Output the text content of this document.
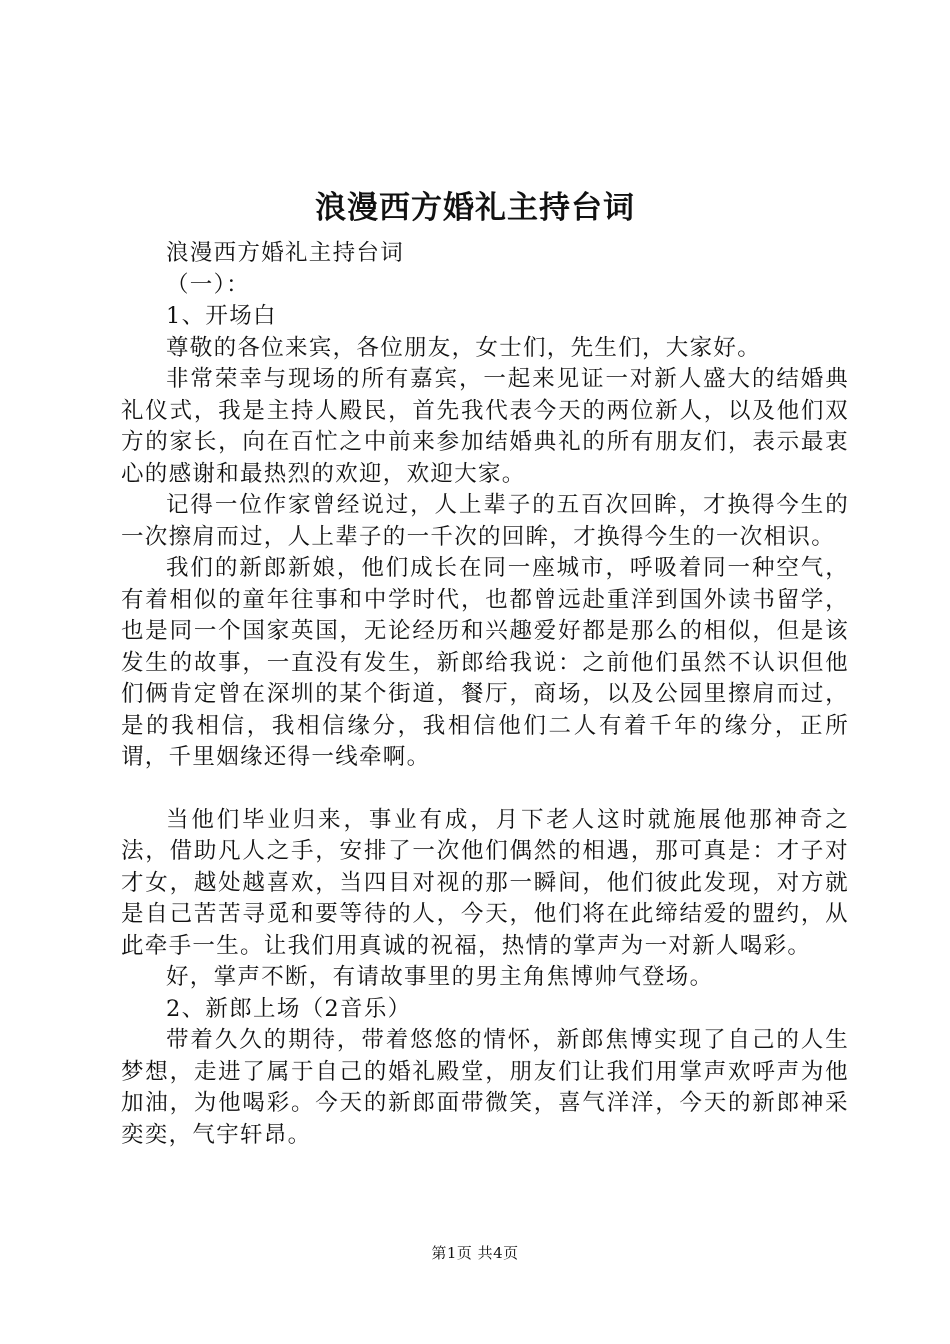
浪漫西方婚礼主持台词

浪漫西方婚礼主持台词

（一）：

1、开场白

尊敬的各位来宾，各位朋友，女士们，先生们，大家好。

非常荣幸与现场的所有嘉宾，一起来见证一对新人盛大的结婚典礼仪式，我是主持人殿民，首先我代表今天的两位新人，以及他们双方的家长，向在百忙之中前来参加结婚典礼的所有朋友们，表示最衷心的感谢和最热烈的欢迎，欢迎大家。

记得一位作家曾经说过，人上辈子的五百次回眸，才换得今生的一次擦肩而过，人上辈子的一千次的回眸，才换得今生的一次相识。

我们的新郎新娘，他们成长在同一座城市，呼吸着同一种空气，有着相似的童年往事和中学时代，也都曾远赴重洋到国外读书留学，也是同一个国家英国，无论经历和兴趣爱好都是那么的相似，但是该发生的故事，一直没有发生，新郎给我说：之前他们虽然不认识但他们俩肯定曾在深圳的某个街道，餐厅，商场，以及公园里擦肩而过，是的我相信，我相信缘分，我相信他们二人有着千年的缘分，正所谓，千里姻缘还得一线牵啊。

当他们毕业归来，事业有成，月下老人这时就施展他那神奇之法，借助凡人之手，安排了一次他们偶然的相遇，那可真是：才子对才女，越处越喜欢，当四目对视的那一瞬间，他们彼此发现，对方就是自己苦苦寻觅和要等待的人，今天，他们将在此缔结爱的盟约，从此牵手一生。让我们用真诚的祝福，热情的掌声为一对新人喝彩。

好，掌声不断，有请故事里的男主角焦博帅气登场。

2、新郎上场（2音乐）

带着久久的期待，带着悠悠的情怀，新郎焦博实现了自己的人生梦想，走进了属于自己的婚礼殿堂，朋友们让我们用掌声欢呼声为他加油，为他喝彩。今天的新郎面带微笑，喜气洋洋，今天的新郎神采奕奕，气宇轩昂。

第1页 共4页
